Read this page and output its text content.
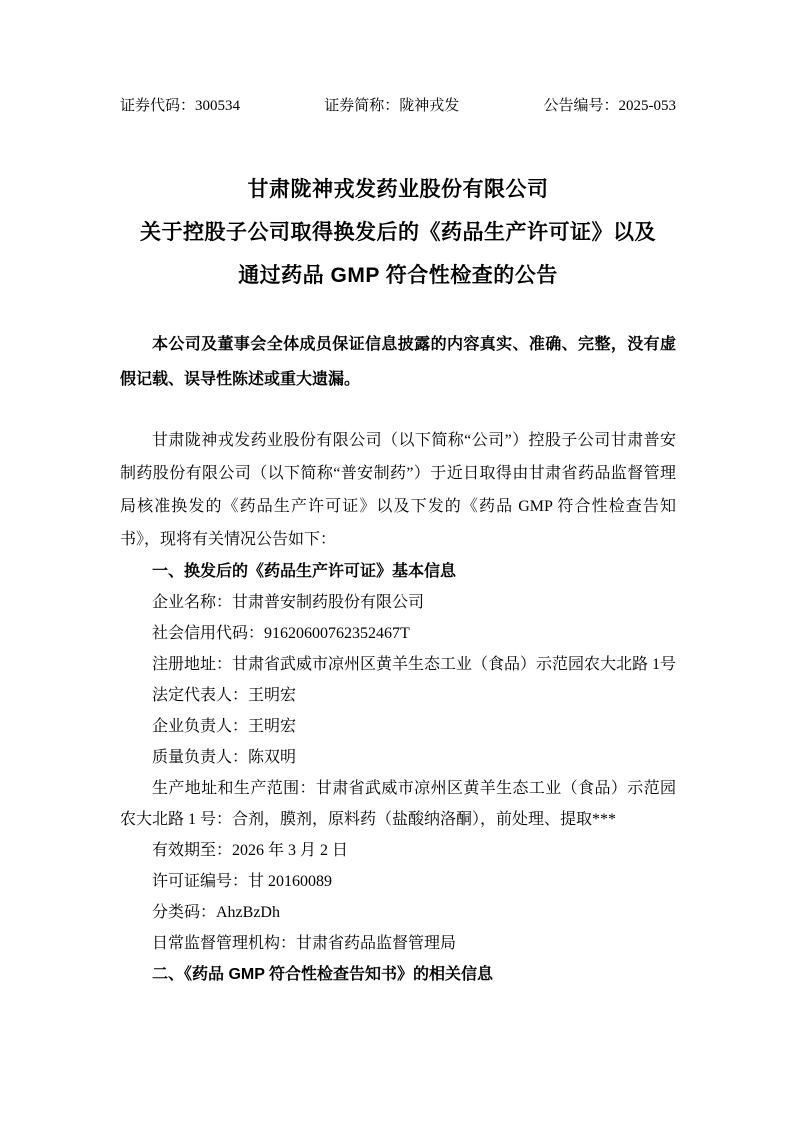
证券代码：300534	证券简称：陇神戎发	公告编号：2025-053
甘肃陇神戎发药业股份有限公司
关于控股子公司取得换发后的《药品生产许可证》以及
通过药品 GMP 符合性检查的公告

本公司及董事会全体成员保证信息披露的内容真实、准确、完整，没有虚假记载、误导性陈述或重大遗漏。

甘肃陇神戎发药业股份有限公司（以下简称“公司”）控股子公司甘肃普安制药股份有限公司（以下简称“普安制药”）于近日取得由甘肃省药品监督管理局核准换发的《药品生产许可证》以及下发的《药品 GMP 符合性检查告知书》，现将有关情况公告如下：

一、换发后的《药品生产许可证》基本信息

企业名称：甘肃普安制药股份有限公司

社会信用代码：91620600762352467T

注册地址：甘肃省武威市凉州区黄羊生态工业（食品）示范园农大北路 1号

法定代表人：王明宏

企业负责人：王明宏

质量负责人：陈双明

生产地址和生产范围：甘肃省武威市凉州区黄羊生态工业（食品）示范园农大北路 1 号：合剂，膜剂，原料药（盐酸纳洛酮），前处理、提取***

有效期至：2026 年 3 月 2 日

许可证编号：甘 20160089

分类码：AhzBzDh

日常监督管理机构：甘肃省药品监督管理局

二、《药品 GMP 符合性检查告知书》的相关信息
